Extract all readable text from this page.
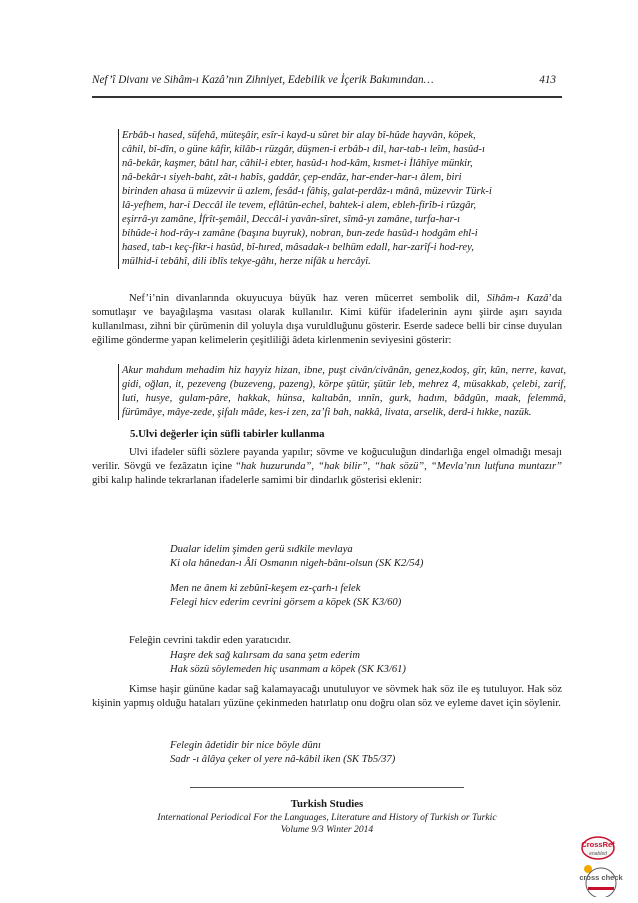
Nef’î Divanı ve Sihâm-ı Kazâ’nın Zihniyet, Edebilik ve İçerik Bakımından…	413
Erbâb-ı hased, süfehâ, müteşâir, esîr-i kayd-u sûret bir alay bî-hûde hayvân, köpek,
câhil, bî-dîn, o güne kâfir, kilâb-ı rüzgâr, düşmen-i erbâb-ı dil, har-tab-ı leîm, hasûd-ı
nâ-bekâr, kaşmer, bâtıl har, câhil-i ebter, hasûd-ı hod-kâm, kısmet-i İlâhîye münkir,
nâ-bekâr-ı siyeh-baht, zât-ı habîs, gaddâr, çep-endâz, har-ender-har-ı âlem, biri
birinden ahasa ü müzevvir ü azlem, fesâd-ı fâhiş, galat-perdâz-ı mânâ, müzevvir Türk-i
lâ-yefhem, har-i Deccâl ile tevem, eflâtûn-echel, bahtek-i alem, ebleh-firîb-i rûzgâr,
eşirrâ-yı zamâne, İfrît-şemâil, Deccâl-i yavân-sîret, sîmâ-yı zamâne, turfa-har-ı
bihûde-i hod-rây-ı zamâne (başına buyruk), nobran, bun-zede hasûd-ı hodgâm ehl-i
hased, tab-ı keç-fikr-i hasûd, bî-hıred, mâsadak-ı belhüm edall, har-zarîf-i hod-rey,
mülhid-i tebâhî, dili iblîs tekye-gâhı, herze nifâk u hercâyî.
Nef’i’nin divanlarında okuyucuya büyük haz veren mücerret sembolik dil, Sihâm-ı Kazâ’da somutlaşır ve bayağılaşma vasıtası olarak kullanılır. Kimi küfür ifadelerinin aynı şiirde aşırı sayıda kullanılması, zihni bir çürümenin dil yoluyla dışa vuruldluğunu gösterir. Eserde sadece belli bir cinse duyulan eğilime gönderme yapan kelimelerin çeşitliliği âdeta kirlenmenin seviyesini gösterir:
Akur mahdum mehadim hiz hayyiz hizan, ibne, puşt civân/civânân, genez,kodoş, gîr, kûn, nerre, kavat, gidi, oğlan, it, pezeveng (buzeveng, pazeng), körpe şütür, şütür leb, mehrez 4, müsakkab, çelebi, zarif, luti, husye, gulam-pâre, hakkak, hünsa, kaltabân, ınnîn, gurk, hadım, bâdgûn, maak, felemmâ, fürûmâye, mâye-zede, şifalı mâde, kes-i zen, za’fi bah, nakkâ, livata, arselik, derd-i hıkke, nazük.
5.Ulvi değerler için süfli tabirler kullanma
Ulvi ifadeler süfli sözlere payanda yapılır; sövme ve koğuculuğun dindarlığa engel olmadığı mesajı verilir. Sövgü ve fezâzatın içine “hak huzurunda”, “hak bilir”, “hak sözü”, “Mevla’nın lutfuna muntazır” gibi kalıp halinde tekrarlanan ifadelerle samimi bir dindarlık gösterisi eklenir:
Dualar idelim şimden gerü sıdkile mevlaya
Ki ola hânedan-ı Âli Osmanın nigeh-bânı-olsun (SK K2/54)
Men ne ânem ki zebûnî-keşem ez-çarh-ı felek
Felegi hicv ederim cevrini görsem a köpek (SK K3/60)
Feleğin cevrini takdir eden yaratıcıdır.
Haşre dek sağ kalırsam da sana şetm ederim
Hak sözü söylemeden hiç usanmam a köpek (SK K3/61)
Kimse haşir gününe kadar sağ kalamayacağı unutuluyor ve sövmek hak söz ile eş tutuluyor. Hak söz kişinin yapmış olduğu hataları yüzüne çekinmeden hatırlatıp onu doğru olan söz ve eyleme davet için söylenir.
Felegin âdetidir bir nice böyle dûnı
Sadr -ı âlâya çeker ol yere nâ-kâbil iken (SK Tb5/37)
Turkish Studies
International Periodical For the Languages, Literature and History of Turkish or Turkic
Volume 9/3 Winter 2014
CrossRef
enabled
cross check
